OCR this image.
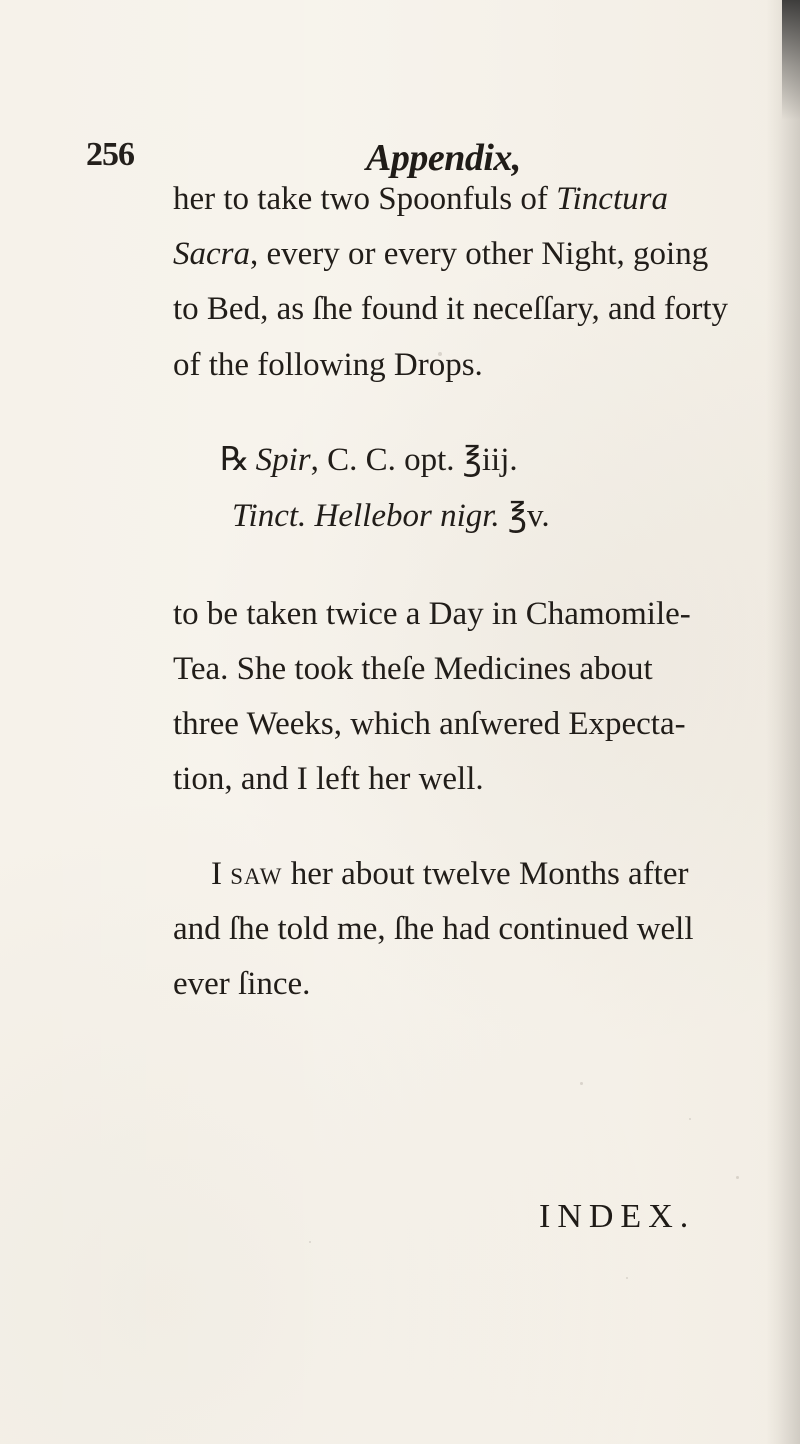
256	Appendix,
her to take two Spoonfuls of Tinctura
Sacra, every or every other Night, going
to Bed, as ſhe found it neceſſary, and forty
of the following Drops.
℞ Spir, C. C. opt. ℥iij.
Tinct. Hellebor nigr. ℥v.
to be taken twice a Day in Chamomile-
Tea. She took theſe Medicines about
three Weeks, which anſwered Expecta-
tion, and I left her well.
I saw her about twelve Months after
and ſhe told me, ſhe had continued well
ever ſince.
INDEX.
